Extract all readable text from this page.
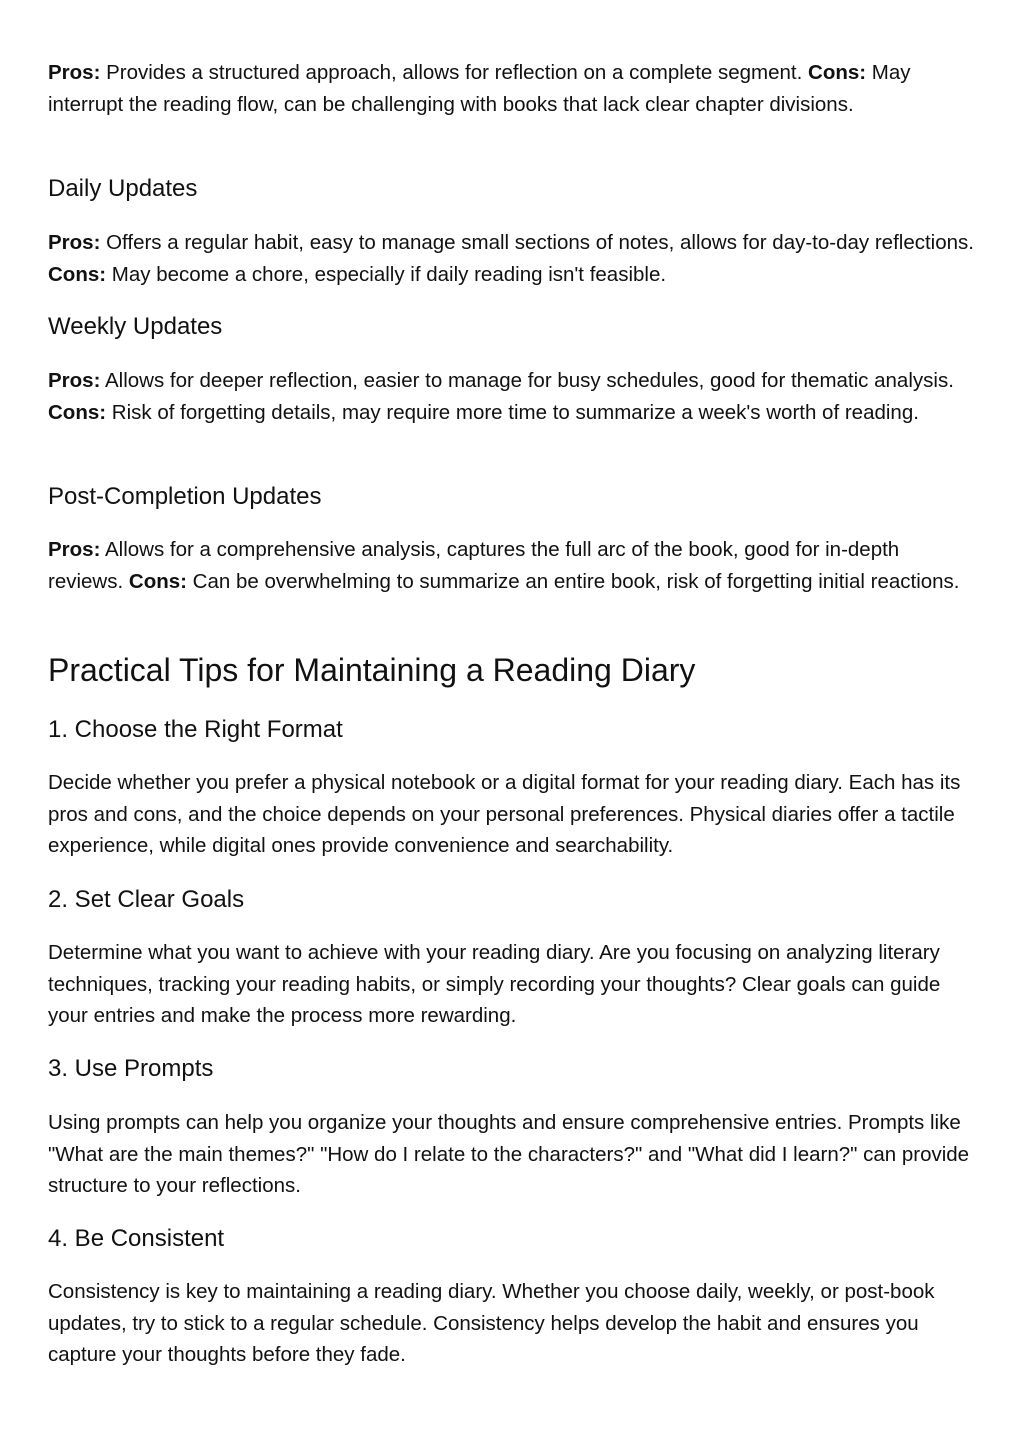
Pros: Provides a structured approach, allows for reflection on a complete segment. Cons: May interrupt the reading flow, can be challenging with books that lack clear chapter divisions.

Daily Updates

Pros: Offers a regular habit, easy to manage small sections of notes, allows for day-to-day reflections. Cons: May become a chore, especially if daily reading isn't feasible.

Weekly Updates

Pros: Allows for deeper reflection, easier to manage for busy schedules, good for thematic analysis. Cons: Risk of forgetting details, may require more time to summarize a week's worth of reading.

Post-Completion Updates

Pros: Allows for a comprehensive analysis, captures the full arc of the book, good for in-depth reviews. Cons: Can be overwhelming to summarize an entire book, risk of forgetting initial reactions.

Practical Tips for Maintaining a Reading Diary
1. Choose the Right Format

Decide whether you prefer a physical notebook or a digital format for your reading diary. Each has its pros and cons, and the choice depends on your personal preferences. Physical diaries offer a tactile experience, while digital ones provide convenience and searchability.

2. Set Clear Goals

Determine what you want to achieve with your reading diary. Are you focusing on analyzing literary techniques, tracking your reading habits, or simply recording your thoughts? Clear goals can guide your entries and make the process more rewarding.

3. Use Prompts

Using prompts can help you organize your thoughts and ensure comprehensive entries. Prompts like "What are the main themes?" "How do I relate to the characters?" and "What did I learn?" can provide structure to your reflections.

4. Be Consistent

Consistency is key to maintaining a reading diary. Whether you choose daily, weekly, or post-book updates, try to stick to a regular schedule. Consistency helps develop the habit and ensures you capture your thoughts before they fade.
